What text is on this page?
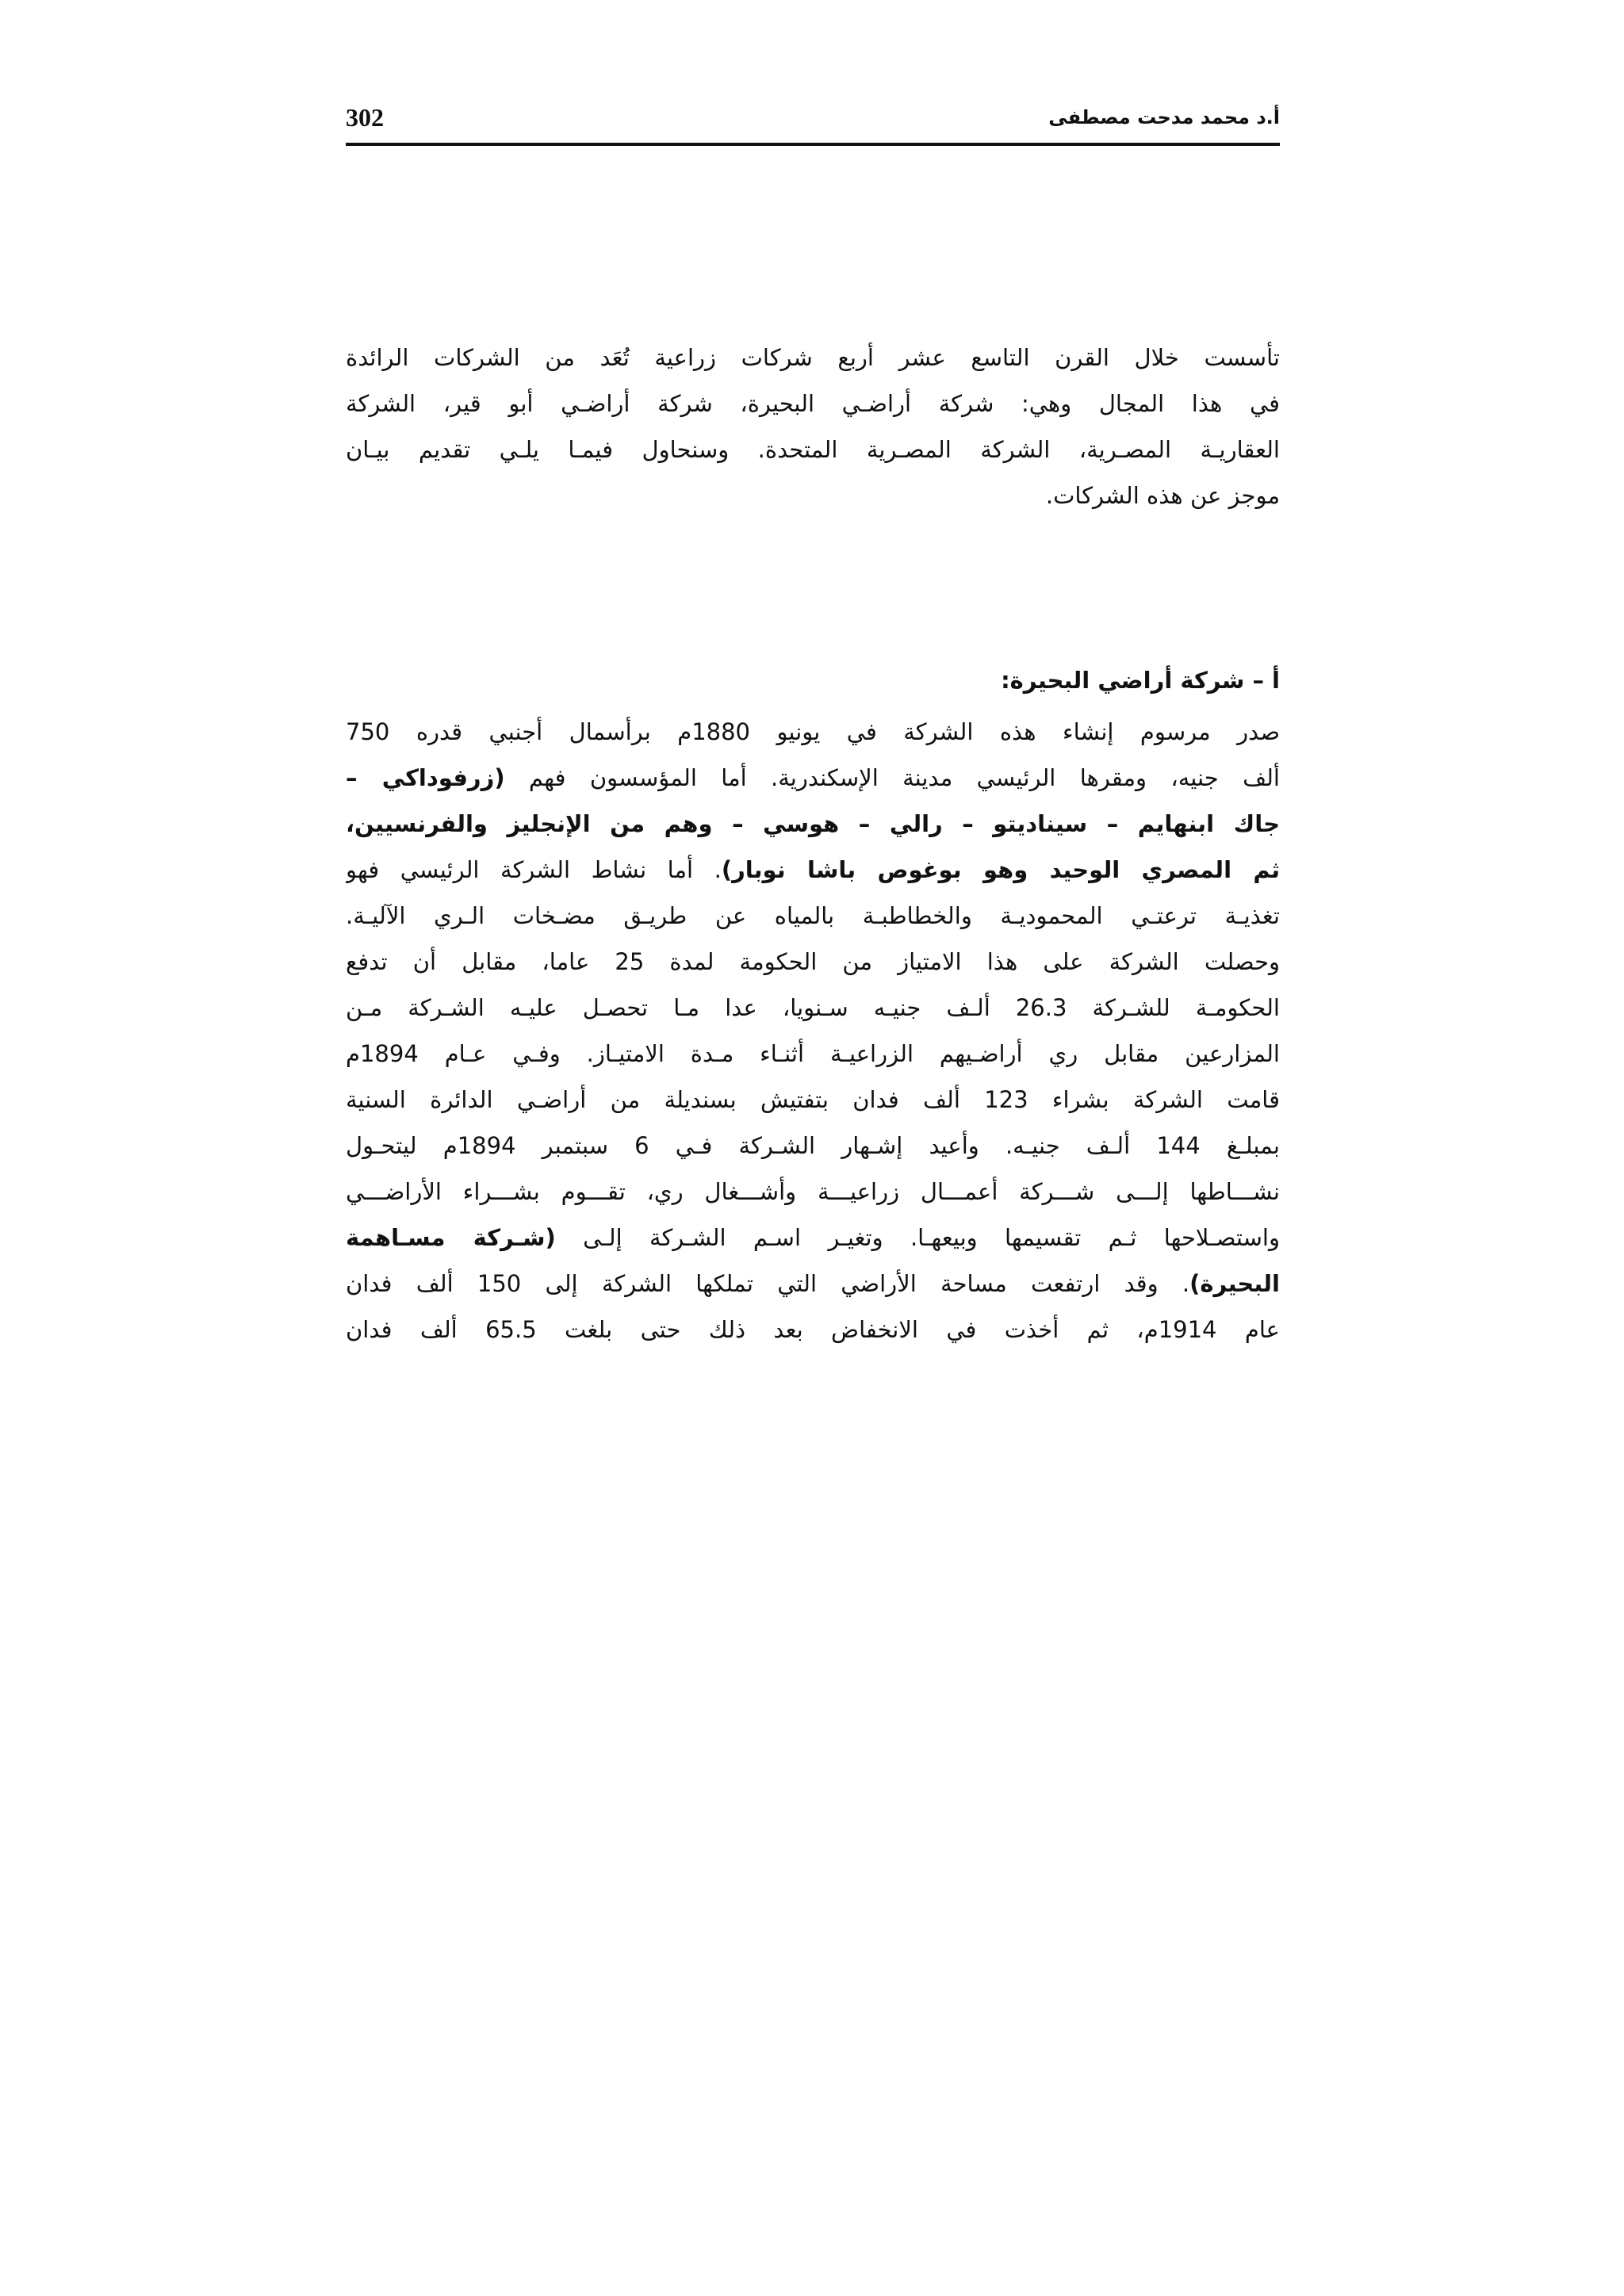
302	أ.د محمد مدحت مصطفى
تأسست خلال القرن التاسع عشر أربع شركات زراعية تُعَد من الشركات الرائدة
في هذا المجال وهي: شركة أراضـي البحيرة، شركة أراضـي أبو قير، الشركة
العقاريـة المصـرية، الشركة المصـرية المتحدة. وسنحاول فيمـا يلـي تقديم بيـان
موجز عن هذه الشركات.
أ – شركة أراضي البحيرة:
صدر مرسوم إنشاء هذه الشركة في يونيو 1880م برأسمال أجنبي قدره 750
ألف جنيه، ومقرها الرئيسي مدينة الإسكندرية. أما المؤسسون فهم (زرفوداكي –
جاك ابنهايم – سيناديتو – رالي – هوسي – وهم من الإنجليز والفرنسيين،
ثم المصري الوحيد وهو بوغوص باشا نوبار). أما نشاط الشركة الرئيسي فهو
تغذيـة ترعتـي المحموديـة والخطاطبـة بالمياه عن طريـق مضـخات الـري الآليـة.
وحصلت الشركة على هذا الامتياز من الحكومة لمدة 25 عاما، مقابل أن تدفع
الحكومـة للشـركة 26.3 ألـف جنيـه سـنويا، عدا مـا تحصـل عليـه الشـركة مـن
المزارعين مقابل ري أراضـيهم الزراعيـة أثنـاء مـدة الامتيـاز. وفـي عـام 1894م
قامت الشركة بشراء 123 ألف فدان بتفتيش بسنديلة من أراضـي الدائرة السنية
بمبلـغ 144 ألـف جنيـه. وأعيد إشـهار الشـركة فـي 6 سبتمبر 1894م ليتحـول
نشـــاطها إلـــى شـــركة أعمـــال زراعيـــة وأشـــغال ري، تقـــوم بشـــراء الأراضـــي
واستصـلاحها ثـم تقسيمها وبيعهـا. وتغيـر اسـم الشـركة إلـى (شـركة مسـاهمة
البحيرة). وقد ارتفعت مساحة الأراضي التي تملكها الشركة إلى 150 ألف فدان
عام 1914م، ثم أخذت في الانخفاض بعد ذلك حتى بلغت 65.5 ألف فدان
